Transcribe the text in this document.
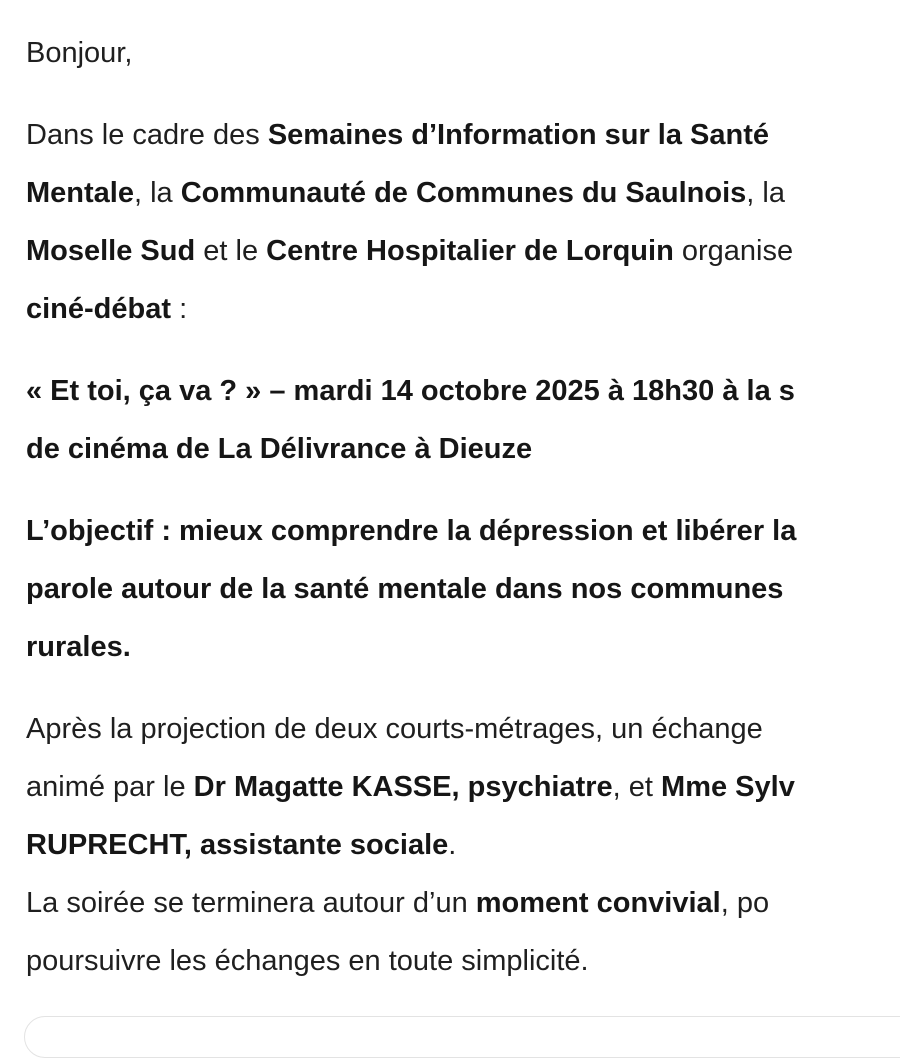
Bonjour,

Dans le cadre des Semaines d’Information sur la Santé

Mentale, la Communauté de Communes du Saulnois, la

Moselle Sud et le Centre Hospitalier de Lorquin organise

ciné-débat :

« Et toi, ça va ? » – mardi 14 octobre 2025 à 18h30 à la s

de cinéma de La Délivrance à Dieuze

L’objectif : mieux comprendre la dépression et libérer la

parole autour de la santé mentale dans nos communes

rurales.

Après la projection de deux courts-métrages, un échange

animé par le Dr Magatte KASSE, psychiatre, et Mme Sylv

RUPRECHT, assistante sociale.

La soirée se terminera autour d’un moment convivial, po

poursuivre les échanges en toute simplicité.
